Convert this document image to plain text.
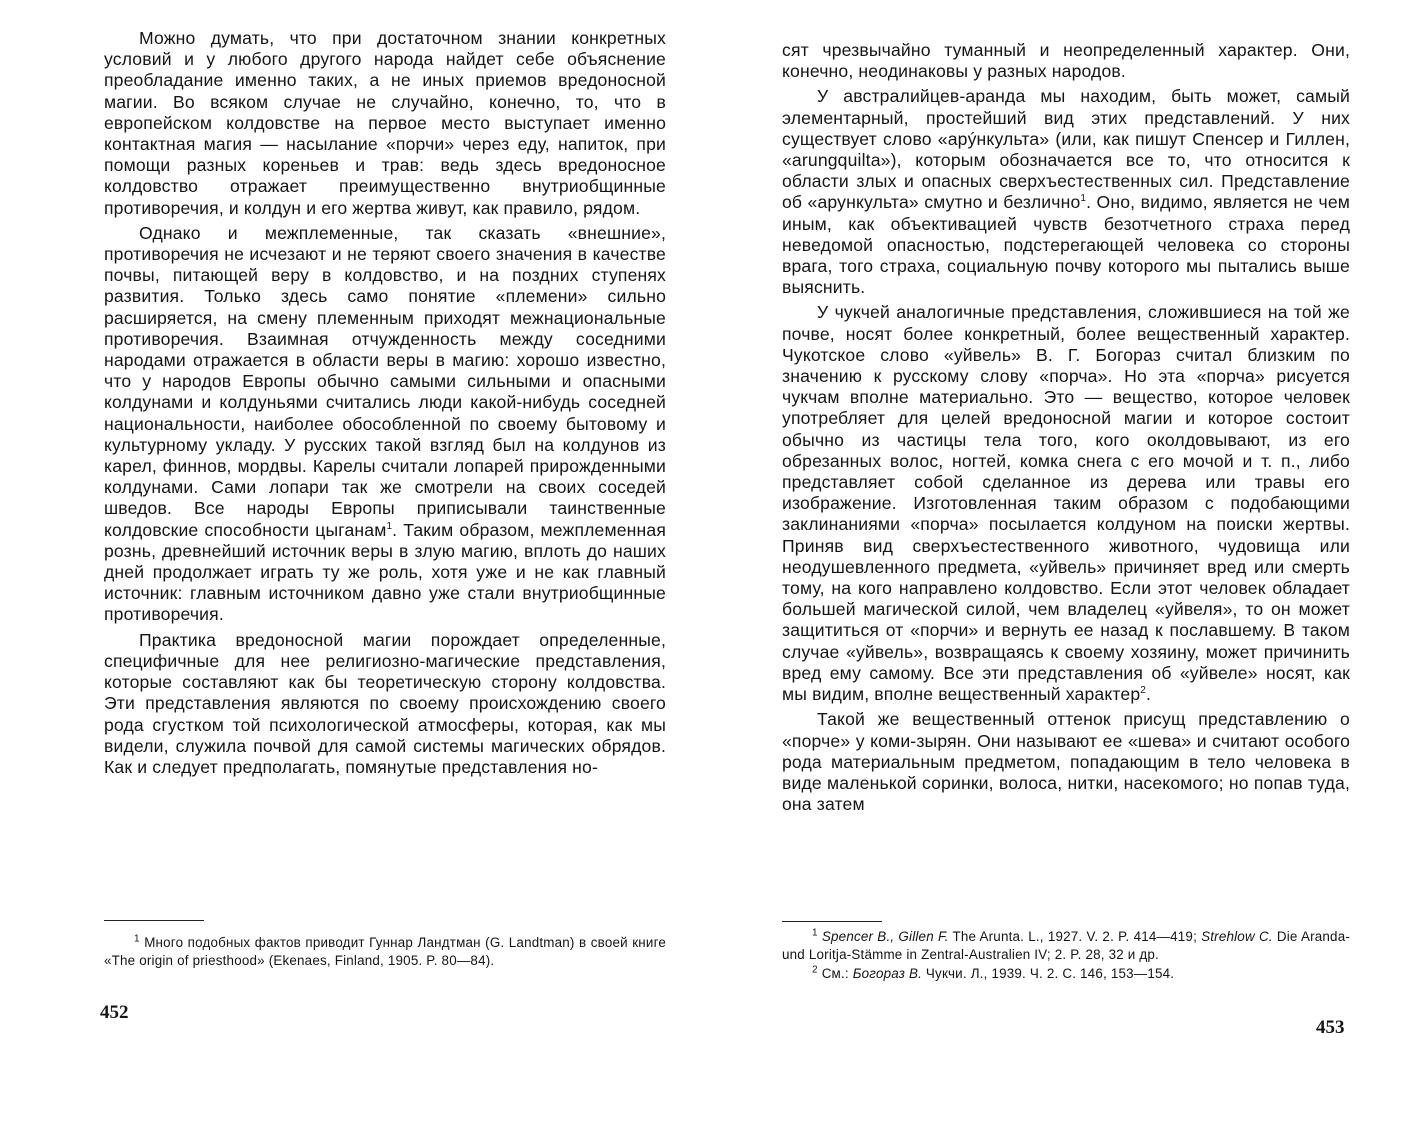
Можно думать, что при достаточном знании конкретных условий и у любого другого народа найдет себе объяснение преобладание именно таких, а не иных приемов вредоносной магии. Во всяком случае не случайно, конечно, то, что в европейском колдовстве на первое место выступает именно контактная магия — насылание «порчи» через еду, напиток, при помощи разных кореньев и трав: ведь здесь вредоносное колдовство отражает преимущественно внутриобщинные противоречия, и колдун и его жертва живут, как правило, рядом.

Однако и межплеменные, так сказать «внешние», противоречия не исчезают и не теряют своего значения в качестве почвы, питающей веру в колдовство, и на поздних ступенях развития. Только здесь само понятие «племени» сильно расширяется, на смену племенным приходят межнациональные противоречия. Взаимная отчужденность между соседними народами отражается в области веры в магию: хорошо известно, что у народов Европы обычно самыми сильными и опасными колдунами и колдуньями считались люди какой-нибудь соседней национальности, наиболее обособленной по своему бытовому и культурному укладу. У русских такой взгляд был на колдунов из карел, финнов, мордвы. Карелы считали лопарей прирожденными колдунами. Сами лопари так же смотрели на своих соседей шведов. Все народы Европы приписывали таинственные колдовские способности цыганам$^1$. Таким образом, межплеменная рознь, древнейший источник веры в злую магию, вплоть до наших дней продолжает играть ту же роль, хотя уже и не как главный источник: главным источником давно уже стали внутриобщинные противоречия.

Практика вредоносной магии порождает определенные, специфичные для нее религиозно-магические представления, которые составляют как бы теоретическую сторону колдовства. Эти представления являются по своему происхождению своего рода сгустком той психологической атмосферы, которая, как мы видели, служила почвой для самой системы магических обрядов. Как и следует предполагать, помянутые представления но-

$^1$ Много подобных фактов приводит Гуннар Ландтман (G. Landtman) в своей книге «The origin of priesthood» (Ekenaes, Finland, 1905. P. 80—84).

452

сят чрезвычайно туманный и неопределенный характер. Они, конечно, неодинаковы у разных народов.

У австралийцев-аранда мы находим, быть может, самый элементарный, простейший вид этих представлений. У них существует слово «арýнкульта» (или, как пишут Спенсер и Гиллен, «arungquilta»), которым обозначается все то, что относится к области злых и опасных сверхъестественных сил. Представление об «арункульта» смутно и безлично$^1$. Оно, видимо, является не чем иным, как объективацией чувств безотчетного страха перед неведомой опасностью, подстерегающей человека со стороны врага, того страха, социальную почву которого мы пытались выше выяснить.

У чукчей аналогичные представления, сложившиеся на той же почве, носят более конкретный, более вещественный характер. Чукотское слово «уйвель» В. Г. Богораз считал близким по значению к русскому слову «порча». Но эта «порча» рисуется чукчам вполне материально. Это — вещество, которое человек употребляет для целей вредоносной магии и которое состоит обычно из частицы тела того, кого околдовывают, из его обрезанных волос, ногтей, комка снега с его мочой и т. п., либо представляет собой сделанное из дерева или травы его изображение. Изготовленная таким образом с подобающими заклинаниями «порча» посылается колдуном на поиски жертвы. Приняв вид сверхъестественного животного, чудовища или неодушевленного предмета, «уйвель» причиняет вред или смерть тому, на кого направлено колдовство. Если этот человек обладает большей магической силой, чем владелец «уйвеля», то он может защититься от «порчи» и вернуть ее назад к пославшему. В таком случае «уйвель», возвращаясь к своему хозяину, может причинить вред ему самому. Все эти представления об «уйвеле» носят, как мы видим, вполне вещественный характер$^2$.

Такой же вещественный оттенок присущ представлению о «порче» у коми-зырян. Они называют ее «шева» и считают особого рода материальным предметом, попадающим в тело человека в виде маленькой соринки, волоса, нитки, насекомого; но попав туда, она затем

$^1$ Spencer B., Gillen F. The Arunta. L., 1927. V. 2. P. 414—419; Strehlow C. Die Aranda-und Loritja-Stämme in Zentral-Australien IV; 2. P. 28, 32 и др.

$^2$ См.: Богораз В. Чукчи. Л., 1939. Ч. 2. С. 146, 153—154.

453
